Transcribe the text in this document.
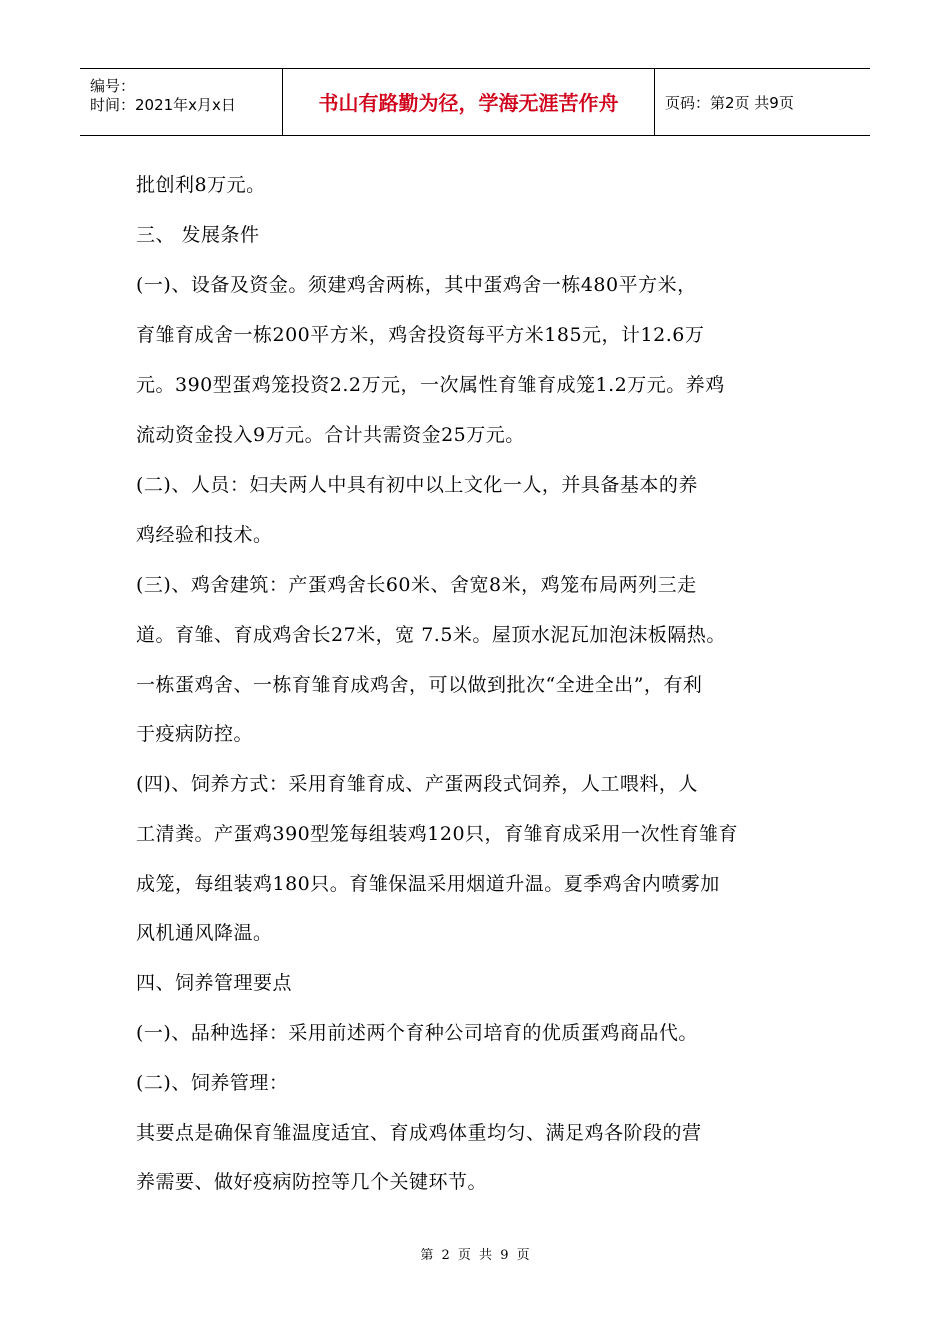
编号：
时间：2021年x月x日	书山有路勤为径，学海无涯苦作舟	页码：第2页 共9页
批创利8万元。
三、 发展条件
(一)、设备及资金。须建鸡舍两栋，其中蛋鸡舍一栋480平方米，
育雏育成舍一栋200平方米，鸡舍投资每平方米185元，计12.6万
元。390型蛋鸡笼投资2.2万元，一次属性育雏育成笼1.2万元。养鸡
流动资金投入9万元。合计共需资金25万元。
(二)、人员：妇夫两人中具有初中以上文化一人，并具备基本的养
鸡经验和技术。
(三)、鸡舍建筑：产蛋鸡舍长60米、舍宽8米，鸡笼布局两列三走
道。育雏、育成鸡舍长27米，宽 7.5米。屋顶水泥瓦加泡沫板隔热。
一栋蛋鸡舍、一栋育雏育成鸡舍，可以做到批次“全进全出”，有利
于疫病防控。
(四)、饲养方式：采用育雏育成、产蛋两段式饲养，人工喂料，人
工清粪。产蛋鸡390型笼每组装鸡120只，育雏育成采用一次性育雏育
成笼，每组装鸡180只。育雏保温采用烟道升温。夏季鸡舍内喷雾加
风机通风降温。
四、饲养管理要点
(一)、品种选择：采用前述两个育种公司培育的优质蛋鸡商品代。
(二)、饲养管理：
其要点是确保育雏温度适宜、育成鸡体重均匀、满足鸡各阶段的营
养需要、做好疫病防控等几个关键环节。
第 2 页 共 9 页
